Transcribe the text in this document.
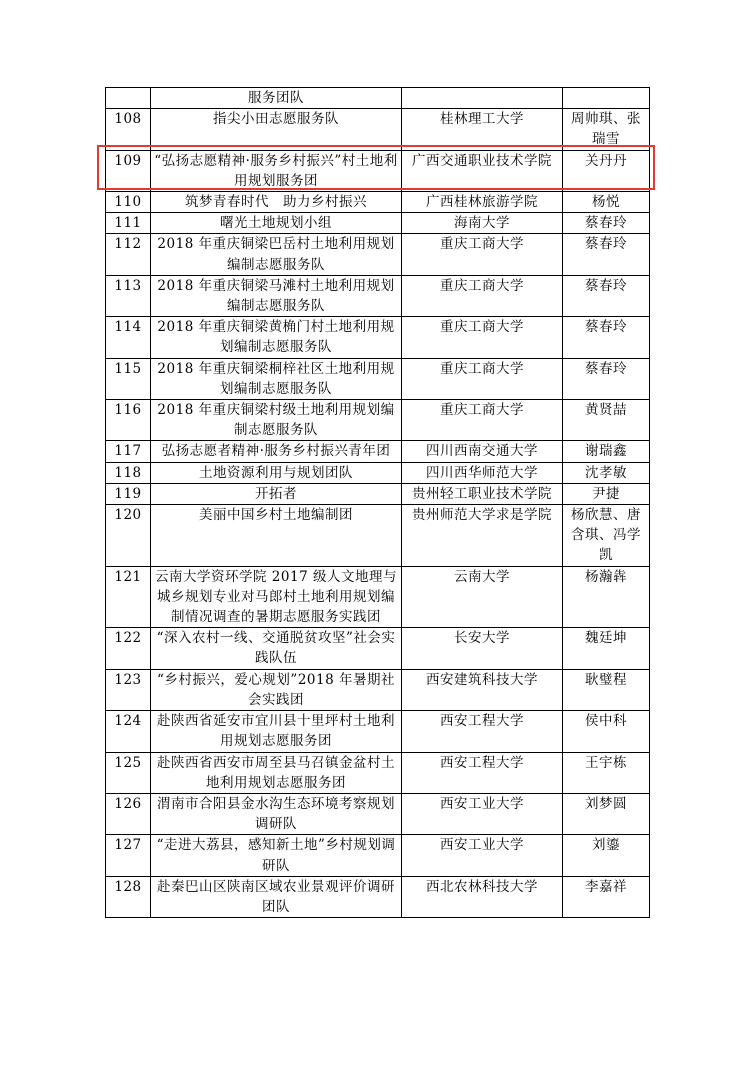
	服务团队		
108	指尖小田志愿服务队	桂林理工大学	周帅琪、张瑞雪
109	“弘扬志愿精神·服务乡村振兴”村土地利用规划服务团	广西交通职业技术学院	关丹丹
110	筑梦青春时代　助力乡村振兴	广西桂林旅游学院	杨悦
111	曙光土地规划小组	海南大学	蔡春玲
112	2018 年重庆铜梁巴岳村土地利用规划编制志愿服务队	重庆工商大学	蔡春玲
113	2018 年重庆铜梁马滩村土地利用规划编制志愿服务队	重庆工商大学	蔡春玲
114	2018 年重庆铜梁黄桷门村土地利用规划编制志愿服务队	重庆工商大学	蔡春玲
115	2018 年重庆铜梁桐梓社区土地利用规划编制志愿服务队	重庆工商大学	蔡春玲
116	2018 年重庆铜梁村级土地利用规划编制志愿服务队	重庆工商大学	黄贤喆
117	弘扬志愿者精神·服务乡村振兴青年团	四川西南交通大学	谢瑞鑫
118	土地资源利用与规划团队	四川西华师范大学	沈孝敏
119	开拓者	贵州轻工职业技术学院	尹捷
120	美丽中国乡村土地编制团	贵州师范大学求是学院	杨欣慧、唐含琪、冯学凯
121	云南大学资环学院 2017 级人文地理与城乡规划专业对马郎村土地利用规划编制情况调查的暑期志愿服务实践团	云南大学	杨瀚犇
122	“深入农村一线、交通脱贫攻坚”社会实践队伍	长安大学	魏廷坤
123	“乡村振兴，爱心规划”2018 年暑期社会实践团	西安建筑科技大学	耿璧程
124	赴陕西省延安市宜川县十里坪村土地利用规划志愿服务团	西安工程大学	侯中科
125	赴陕西省西安市周至县马召镇金盆村土地利用规划志愿服务团	西安工程大学	王宇栋
126	渭南市合阳县金水沟生态环境考察规划调研队	西安工业大学	刘梦圆
127	“走进大荔县，感知新土地”乡村规划调研队	西安工业大学	刘鎏
128	赴秦巴山区陕南区域农业景观评价调研团队	西北农林科技大学	李嘉祥
